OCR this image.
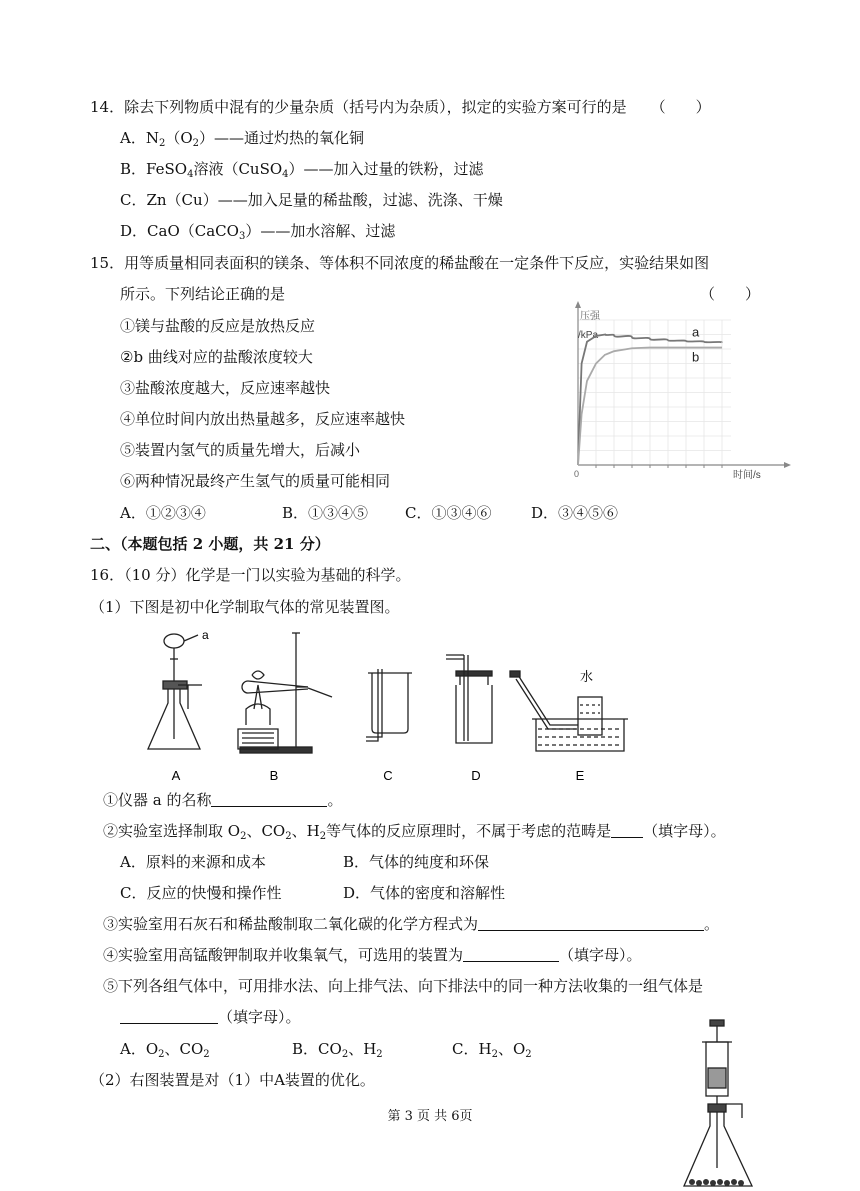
14．除去下列物质中混有的少量杂质（括号内为杂质），拟定的实验方案可行的是 （　　）
A．$N_2(O_2)——$通过灼热的氧化铜
B．FeSO$_4$溶液（CuSO$_4$）——加入过量的铁粉，过滤
C．Zn（Cu）——加入足量的稀盐酸，过滤、洗涤、干燥
D．CaO（CaCO$_3$）——加水溶解、过滤
15．用等质量相同表面积的镁条、等体积不同浓度的稀盐酸在一定条件下反应，实验结果如图
所示。下列结论正确的是	（　　）
①镁与盐酸的反应是放热反应
②b 曲线对应的盐酸浓度较大
③盐酸浓度越大，反应速率越快
④单位时间内放出热量越多，反应速率越快
⑤装置内氢气的质量先增大，后减小
⑥两种情况最终产生氢气的质量可能相同
A．①②③④	B．①③④⑤ C．①③④⑥	D．③④⑤⑥
压强
/kPa
0	时间/s
a
b
二、（本题包括 2 小题，共 21 分）
16．（10 分）化学是一门以实验为基础的科学。
（1）下图是初中化学制取气体的常见装置图。
a
水
A	B	C	D	E
①仪器 a 的名称	。
②实验室选择制取 $O_2$、$CO_2$、$H_2$等气体的反应原理时，不属于考虑的范畴是 （填字母）。
A．原料的来源和成本	B．气体的纯度和环保
C．反应的快慢和操作性	D．气体的密度和溶解性
③实验室用石灰石和稀盐酸制取二氧化碳的化学方程式为	。
④实验室用高锰酸钾制取并收集氧气，可选用的装置为	（填字母）。
⑤下列各组气体中，可用排水法、向上排气法、向下排法中的同一种方法收集的一组气体是
（填字母）。
A．$O_2$、$CO_2$	B．$CO_2$、$H_2$	C．$H_2$、$O_2$
（2）右图装置是对（1）中A装置的优化。
第 3 页 共 6页
